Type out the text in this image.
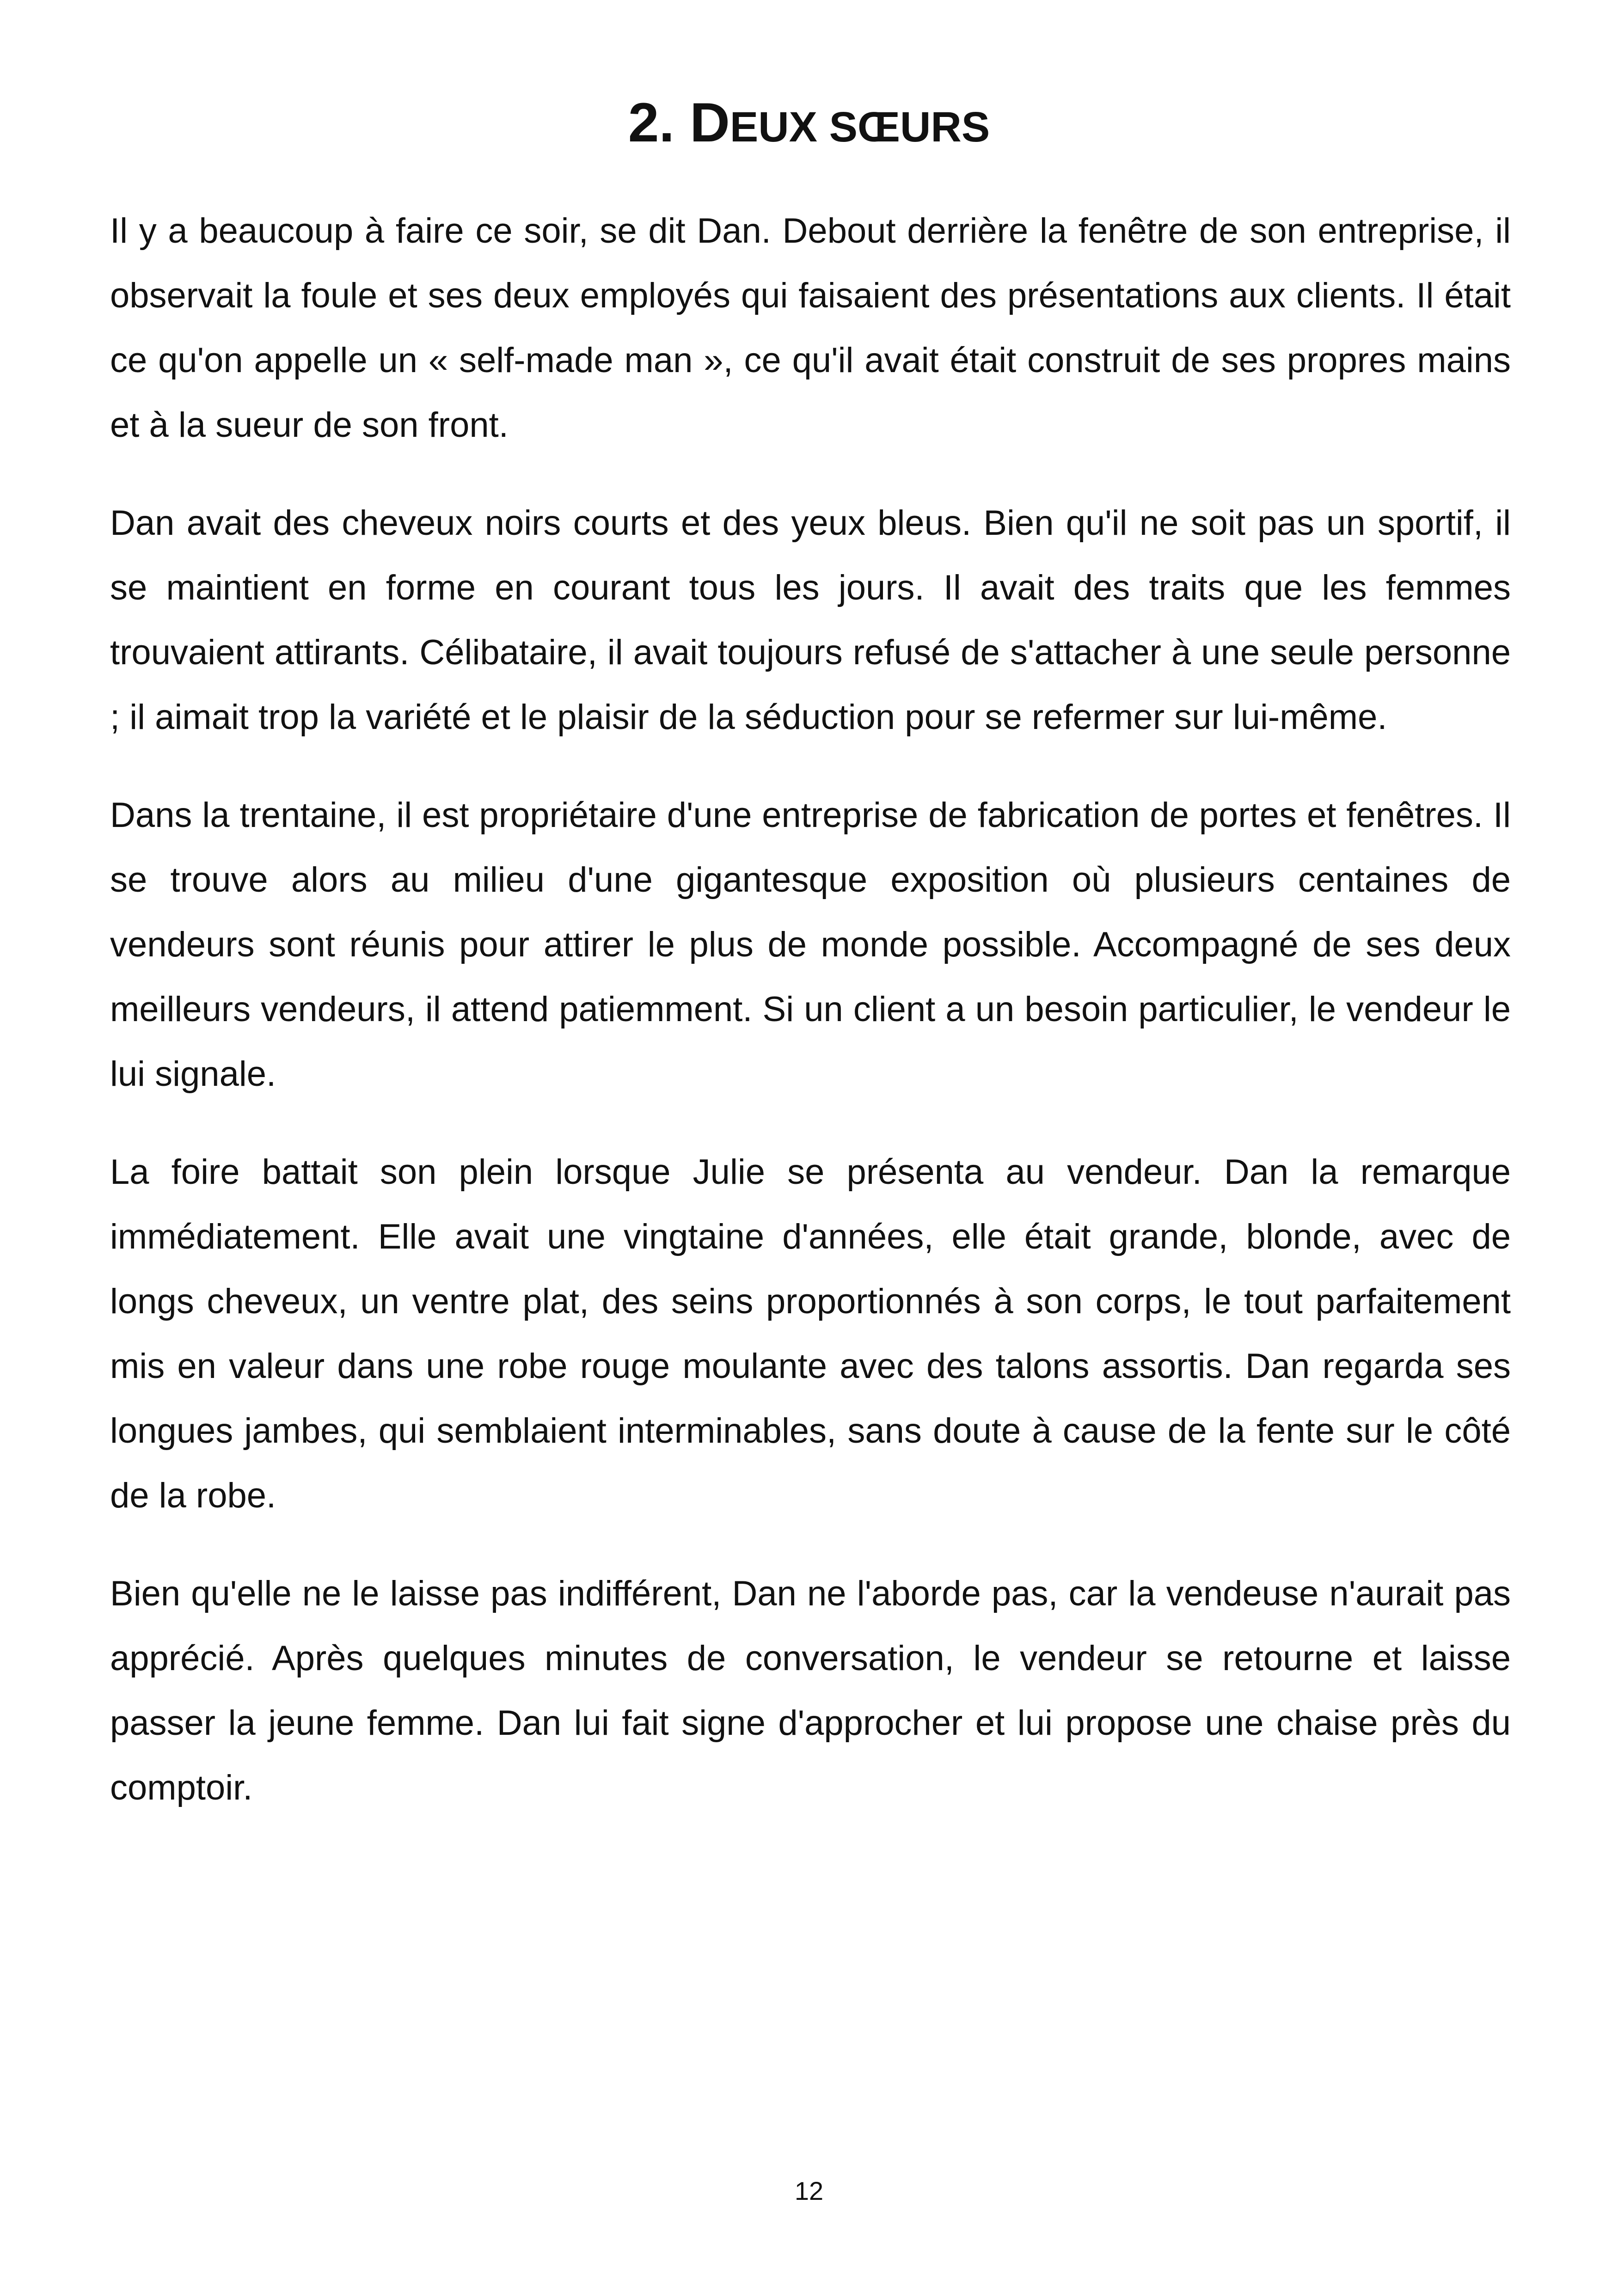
2. DEUX SŒURS

Il y a beaucoup à faire ce soir, se dit Dan. Debout derrière la fenêtre de son entreprise, il observait la foule et ses deux employés qui faisaient des présentations aux clients. Il était ce qu'on appelle un « self-made man », ce qu'il avait était construit de ses propres mains et à la sueur de son front.

Dan avait des cheveux noirs courts et des yeux bleus. Bien qu'il ne soit pas un sportif, il se maintient en forme en courant tous les jours. Il avait des traits que les femmes trouvaient attirants. Célibataire, il avait toujours refusé de s'attacher à une seule personne ; il aimait trop la variété et le plaisir de la séduction pour se refermer sur lui-même.

Dans la trentaine, il est propriétaire d'une entreprise de fabrication de portes et fenêtres. Il se trouve alors au milieu d'une gigantesque exposition où plusieurs centaines de vendeurs sont réunis pour attirer le plus de monde possible. Accompagné de ses deux meilleurs vendeurs, il attend patiemment. Si un client a un besoin particulier, le vendeur le lui signale.

La foire battait son plein lorsque Julie se présenta au vendeur. Dan la remarque immédiatement. Elle avait une vingtaine d'années, elle était grande, blonde, avec de longs cheveux, un ventre plat, des seins proportionnés à son corps, le tout parfaitement mis en valeur dans une robe rouge moulante avec des talons assortis. Dan regarda ses longues jambes, qui semblaient interminables, sans doute à cause de la fente sur le côté de la robe.

Bien qu'elle ne le laisse pas indifférent, Dan ne l'aborde pas, car la vendeuse n'aurait pas apprécié. Après quelques minutes de conversation, le vendeur se retourne et laisse passer la jeune femme. Dan lui fait signe d'approcher et lui propose une chaise près du comptoir.

12
